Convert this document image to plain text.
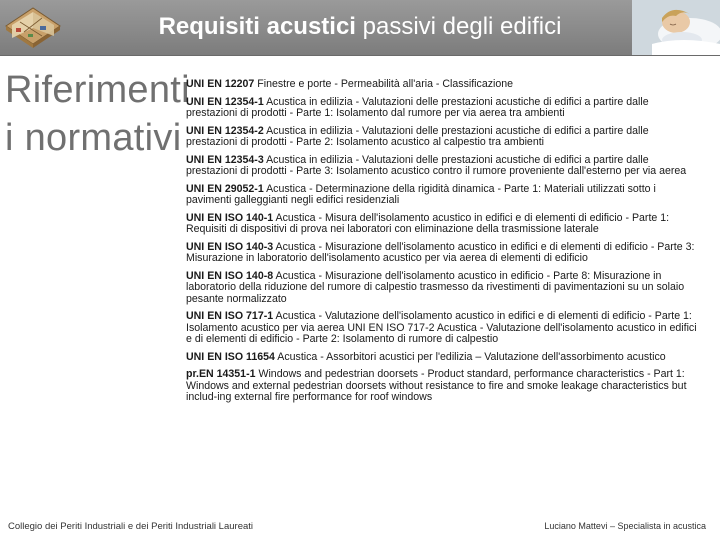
Requisiti acustici passivi degli edifici
Riferimenti
i normativi

UNI EN 12207 Finestre e porte - Permeabilità all'aria - Classificazione

UNI EN 12354-1 Acustica in edilizia - Valutazioni delle prestazioni acustiche di edifici a partire dalle prestazioni di prodotti - Parte 1: Isolamento dal rumore per via aerea tra ambienti

UNI EN 12354-2 Acustica in edilizia - Valutazioni delle prestazioni acustiche di edifici a partire dalle prestazioni di prodotti - Parte 2: Isolamento acustico al calpestio tra ambienti

UNI EN 12354-3 Acustica in edilizia - Valutazioni delle prestazioni acustiche di edifici a partire dalle prestazioni di prodotti - Parte 3: Isolamento acustico contro il rumore proveniente dall'esterno per via aerea

UNI EN 29052-1 Acustica - Determinazione della rigidità dinamica - Parte 1: Materiali utilizzati sotto i pavimenti galleggianti negli edifici residenziali

UNI EN ISO 140-1 Acustica - Misura dell'isolamento acustico in edifici e di elementi di edificio - Parte 1: Requisiti di dispositivi di prova nei laboratori con eliminazione della trasmissione laterale

UNI EN ISO 140-3 Acustica - Misurazione dell'isolamento acustico in edifici e di elementi di edificio - Parte 3: Misurazione in laboratorio dell'isolamento acustico per via aerea di elementi di edificio

UNI EN ISO 140-8 Acustica - Misurazione dell'isolamento acustico in edificio - Parte 8: Misurazione in laboratorio della riduzione del rumore di calpestio trasmesso da rivestimenti di pavimentazioni su un solaio pesante normalizzato

UNI EN ISO 717-1 Acustica - Valutazione dell'isolamento acustico in edifici e di elementi di edificio - Parte 1: Isolamento acustico per via aerea UNI EN ISO 717-2 Acustica - Valutazione dell'isolamento acustico in edifici e di elementi di edificio - Parte 2: Isolamento di rumore di calpestio

UNI EN ISO 11654 Acustica - Assorbitori acustici per l'edilizia – Valutazione dell'assorbimento acustico

pr.EN 14351-1 Windows and pedestrian doorsets - Product standard, performance characteristics - Part 1: Windows and external pedestrian doorsets without resistance to fire and smoke leakage characteristics but includ-ing external fire performance for roof windows

Collegio dei Periti Industriali e dei Periti Industriali Laureati	Luciano Mattevi – Specialista in acustica
